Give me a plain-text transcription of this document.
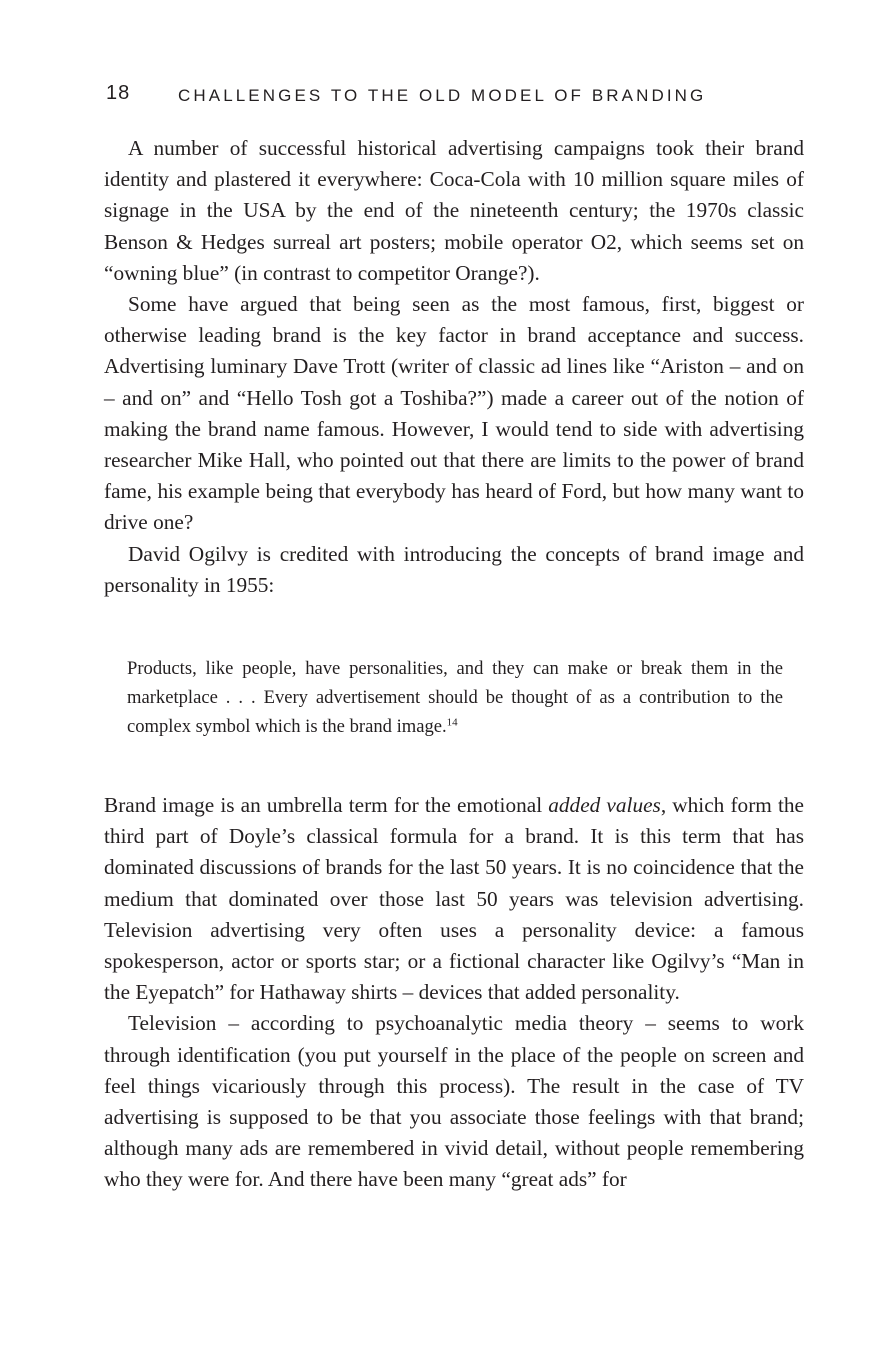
18	CHALLENGES TO THE OLD MODEL OF BRANDING

A number of successful historical advertising campaigns took their brand identity and plastered it everywhere: Coca-Cola with 10 million square miles of signage in the USA by the end of the nineteenth century; the 1970s classic Benson & Hedges surreal art posters; mobile operator O2, which seems set on “owning blue” (in contrast to competitor Orange?).

Some have argued that being seen as the most famous, first, biggest or otherwise leading brand is the key factor in brand acceptance and success. Advertising luminary Dave Trott (writer of classic ad lines like “Ariston – and on – and on” and “Hello Tosh got a Toshiba?”) made a career out of the notion of making the brand name famous. However, I would tend to side with advertising researcher Mike Hall, who pointed out that there are limits to the power of brand fame, his example being that everybody has heard of Ford, but how many want to drive one?

David Ogilvy is credited with introducing the concepts of brand image and personality in 1955:

Products, like people, have personalities, and they can make or break them in the marketplace . . . Every advertisement should be thought of as a contribution to the complex symbol which is the brand image.$^{14}$

Brand image is an umbrella term for the emotional added values, which form the third part of Doyle’s classical formula for a brand. It is this term that has dominated discussions of brands for the last 50 years. It is no coincidence that the medium that dominated over those last 50 years was television advertising. Television advertising very often uses a personality device: a famous spokesperson, actor or sports star; or a fictional character like Ogilvy’s “Man in the Eyepatch” for Hathaway shirts – devices that added personality.

Television – according to psychoanalytic media theory – seems to work through identification (you put yourself in the place of the people on screen and feel things vicariously through this process). The result in the case of TV advertising is supposed to be that you associate those feelings with that brand; although many ads are remembered in vivid detail, without people remembering who they were for. And there have been many “great ads” for
